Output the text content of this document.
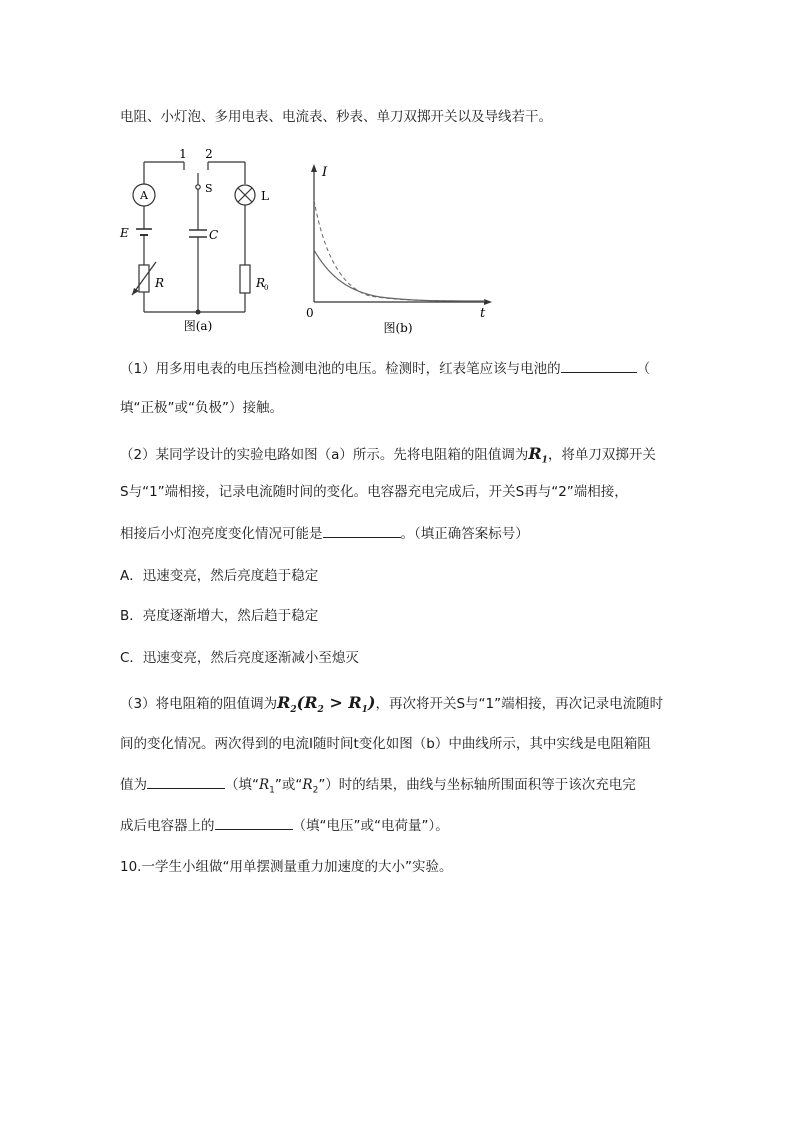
电阻、小灯泡、多用电表、电流表、秒表、单刀双掷开关以及导线若干。
1 2
A
S
L
E	C
R	R
0
图(a)
I
t
0
图(b)
（1）用多用电表的电压挡检测电池的电压。检测时，红表笔应该与电池的	（
填“正极”或“负极”）接触。
（2）某同学设计的实验电路如图（a）所示。先将电阻箱的阻值调为$R_1$，将单刀双掷开关
S与“1”端相接，记录电流随时间的变化。电容器充电完成后，开关S再与“2”端相接，
相接后小灯泡亮度变化情况可能是	。（填正确答案标号）
A．迅速变亮，然后亮度趋于稳定
B．亮度逐渐增大，然后趋于稳定
C．迅速变亮，然后亮度逐渐减小至熄灭
（3）将电阻箱的阻值调为$R_2(R_2 > R_1)$，再次将开关S与“1”端相接，再次记录电流随时
间的变化情况。两次得到的电流I随时间t变化如图（b）中曲线所示，其中实线是电阻箱阻
值为	（填“$R_1$”或“$R_2$”）时的结果，曲线与坐标轴所围面积等于该次充电完
成后电容器上的	（填“电压”或“电荷量”）。
10.一学生小组做“用单摆测量重力加速度的大小”实验。
